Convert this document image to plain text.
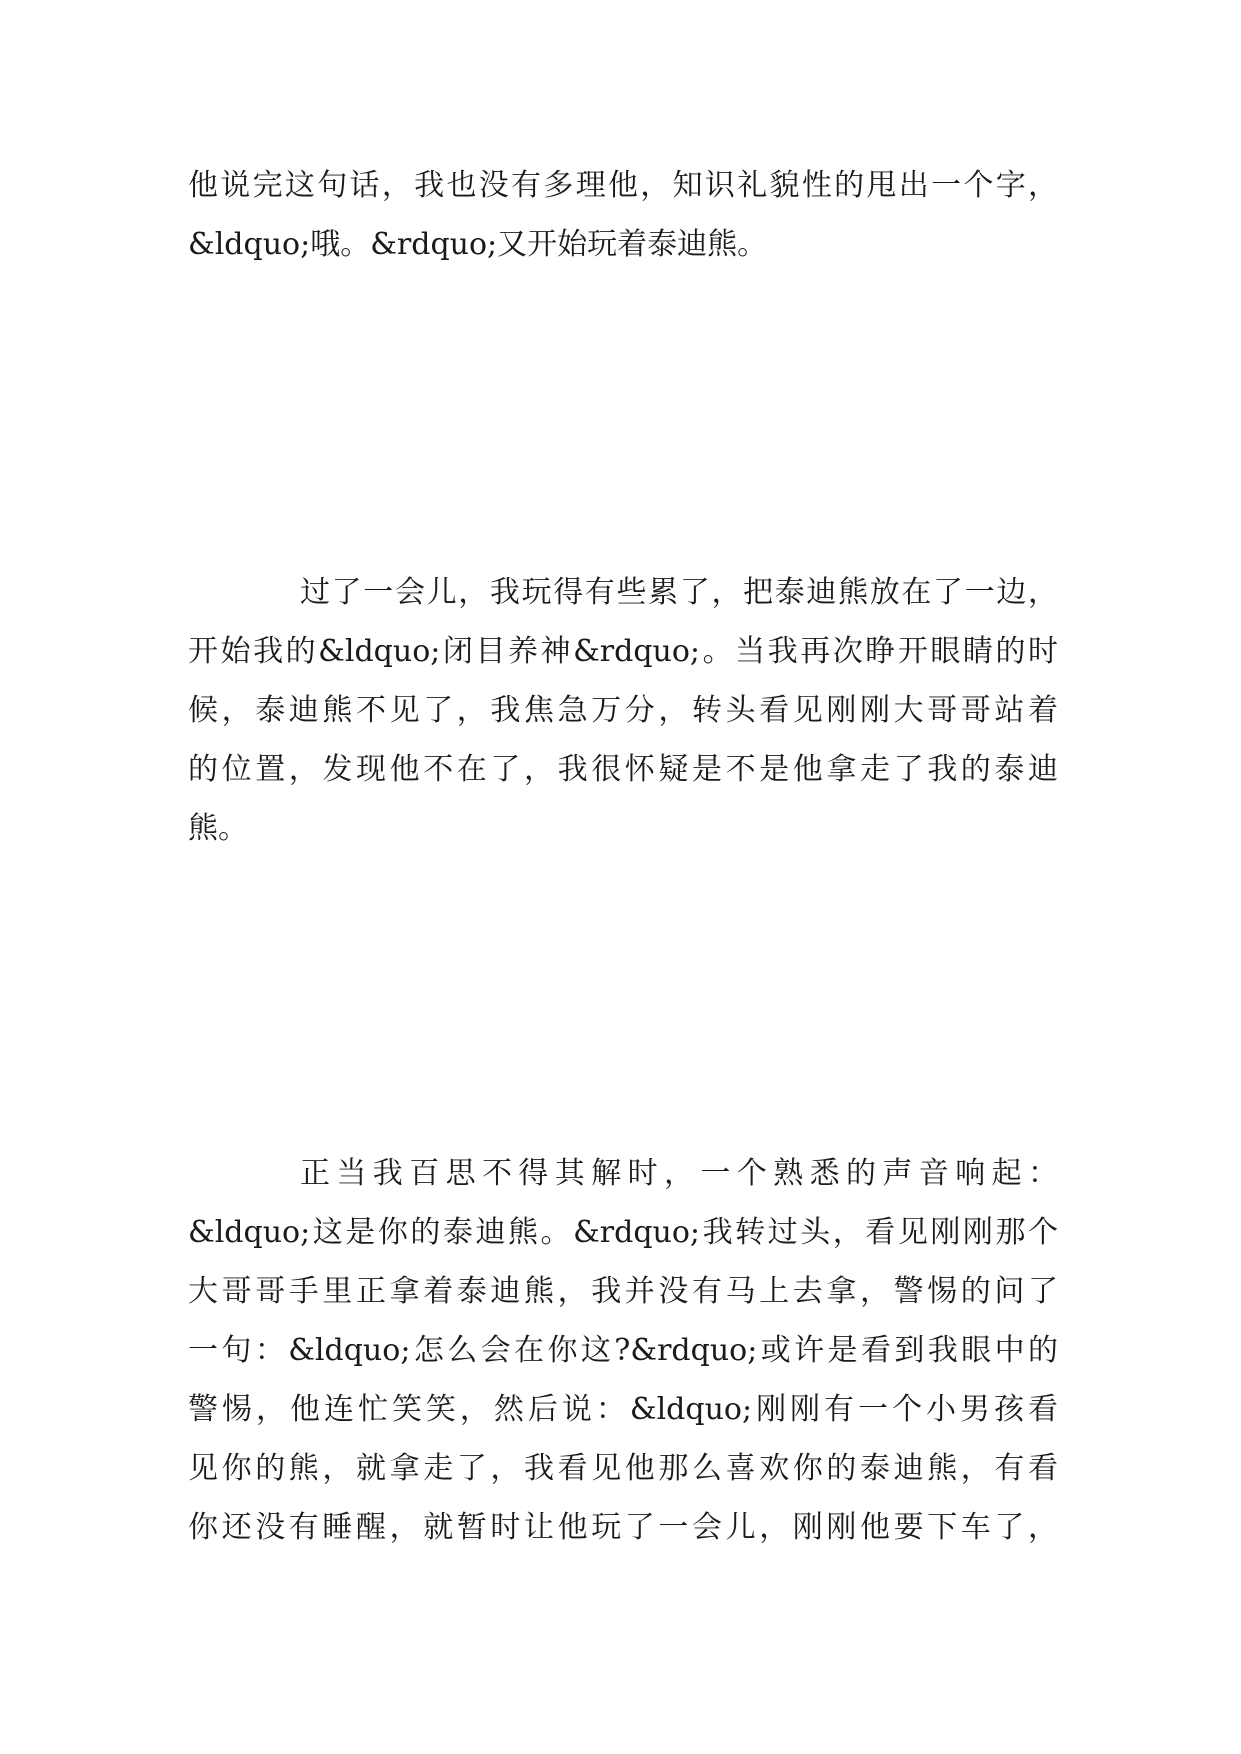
他说完这句话，我也没有多理他，知识礼貌性的甩出一个字，
&ldquo;哦。&rdquo;又开始玩着泰迪熊。
过了一会儿，我玩得有些累了，把泰迪熊放在了一边，
开始我的&ldquo;闭目养神&rdquo;。当我再次睁开眼睛的时
候，泰迪熊不见了，我焦急万分，转头看见刚刚大哥哥站着
的位置，发现他不在了，我很怀疑是不是他拿走了我的泰迪
熊。
正当我百思不得其解时，一个熟悉的声音响起：
&ldquo;这是你的泰迪熊。&rdquo;我转过头，看见刚刚那个
大哥哥手里正拿着泰迪熊，我并没有马上去拿，警惕的问了
一句：&ldquo;怎么会在你这?&rdquo;或许是看到我眼中的
警惕，他连忙笑笑，然后说：&ldquo;刚刚有一个小男孩看
见你的熊，就拿走了，我看见他那么喜欢你的泰迪熊，有看
你还没有睡醒，就暂时让他玩了一会儿，刚刚他要下车了，
